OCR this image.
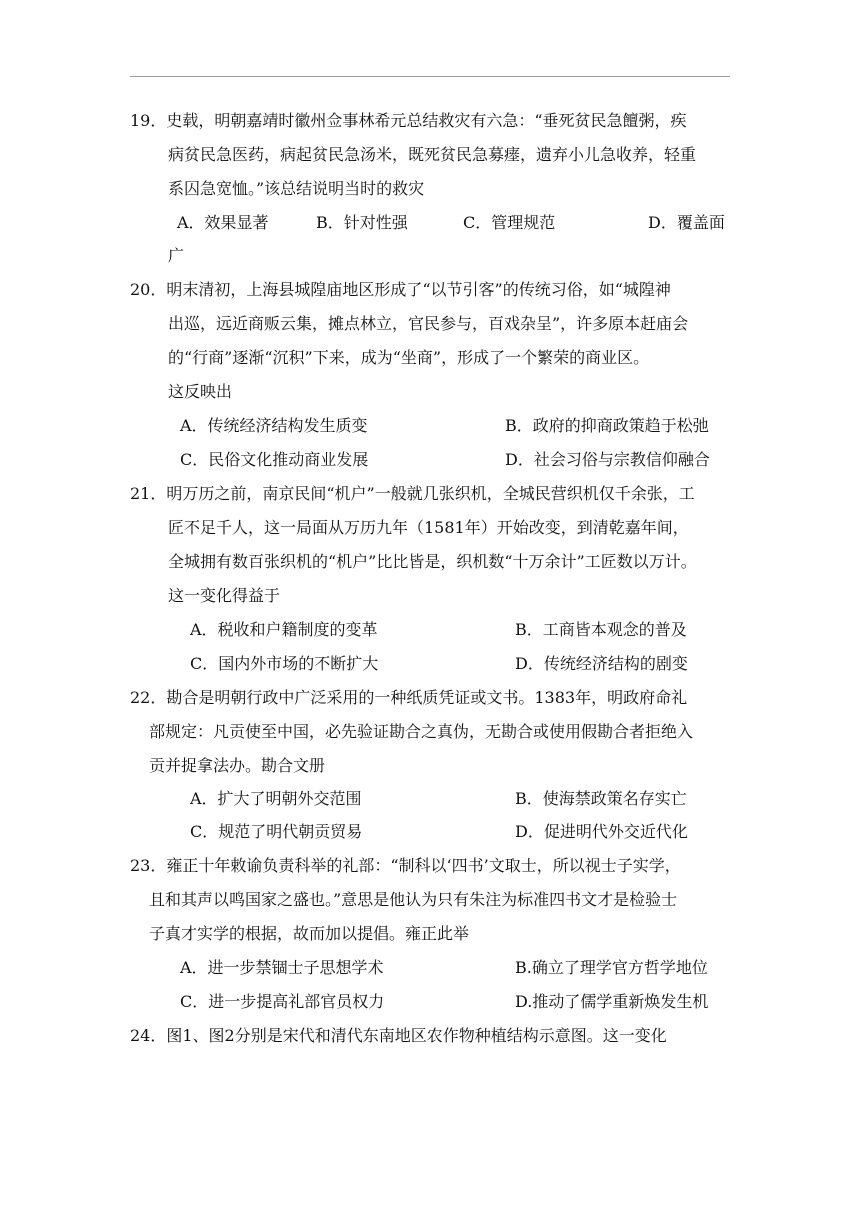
19．史载，明朝嘉靖时徽州佥事林希元总结救灾有六急：“垂死贫民急饘粥，疾
病贫民急医药，病起贫民急汤米，既死贫民急募瘗，遗弃小儿急收养，轻重
系囚急宽恤。”该总结说明当时的救灾
A．效果显著	B．针对性强	C．管理规范	D．覆盖面
广
20．明末清初，上海县城隍庙地区形成了“以节引客”的传统习俗，如“城隍神
出巡，远近商贩云集，摊点林立，官民参与，百戏杂呈”，许多原本赶庙会
的“行商”逐渐“沉积”下来，成为“坐商”，形成了一个繁荣的商业区。
这反映出
A．传统经济结构发生质变	B．政府的抑商政策趋于松弛
C．民俗文化推动商业发展	D．社会习俗与宗教信仰融合
21．明万历之前，南京民间“机户”一般就几张织机，全城民营织机仅千余张，工
匠不足千人，这一局面从万历九年（1581年）开始改变，到清乾嘉年间，
全城拥有数百张织机的“机户”比比皆是，织机数“十万余计”工匠数以万计。
这一变化得益于
A．税收和户籍制度的变革	B．工商皆本观念的普及
C．国内外市场的不断扩大	D．传统经济结构的剧变
22．勘合是明朝行政中广泛采用的一种纸质凭证或文书。1383年，明政府命礼
部规定：凡贡使至中国，必先验证勘合之真伪，无勘合或使用假勘合者拒绝入
贡并捉拿法办。勘合文册
A．扩大了明朝外交范围	B．使海禁政策名存实亡
C．规范了明代朝贡贸易	D．促进明代外交近代化
23．雍正十年敕谕负责科举的礼部：“制科以‘四书’文取士，所以视士子实学，
且和其声以鸣国家之盛也。”意思是他认为只有朱注为标准四书文才是检验士
子真才实学的根据，故而加以提倡。雍正此举
A．进一步禁锢士子思想学术	B.确立了理学官方哲学地位
C．进一步提高礼部官员权力	D.推动了儒学重新焕发生机
24．图1、图2分别是宋代和清代东南地区农作物种植结构示意图。这一变化
